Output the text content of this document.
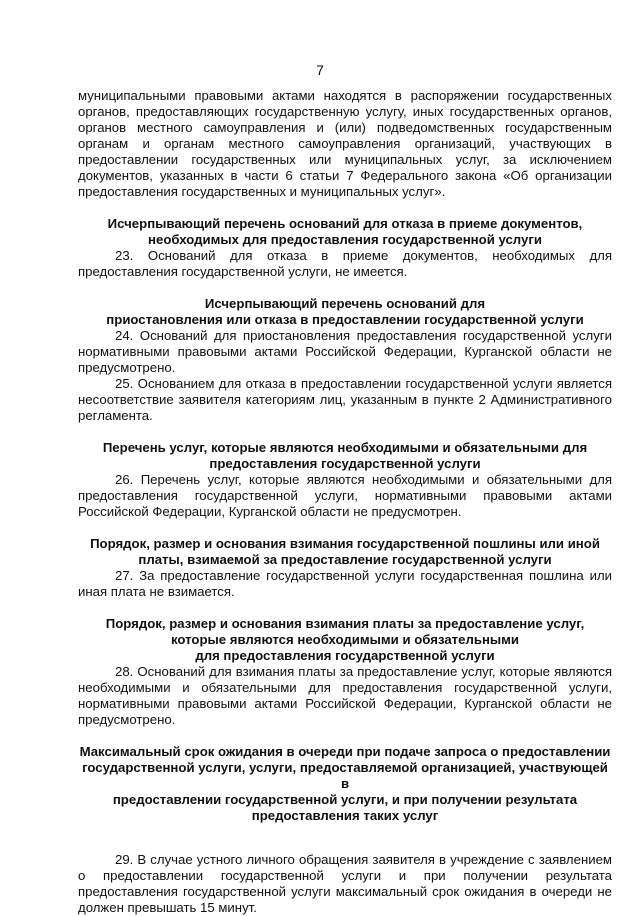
7

муниципальными правовыми актами находятся в распоряжении государственных органов, предоставляющих государственную услугу, иных государственных органов, органов местного самоуправления и (или) подведомственных государственным органам и органам местного самоуправления организаций, участвующих в предоставлении государственных или муниципальных услуг, за исключением документов, указанных в части 6 статьи 7 Федерального закона «Об организации предоставления государственных и муниципальных услуг».

Исчерпывающий перечень оснований для отказа в приеме документов,
необходимых для предоставления государственной услуги

23. Оснований для отказа в приеме документов, необходимых для предоставления государственной услуги, не имеется.

Исчерпывающий перечень оснований для
приостановления или отказа в предоставлении государственной услуги

24. Оснований для приостановления предоставления государственной услуги нормативными правовыми актами Российской Федерации, Курганской области не предусмотрено.

25. Основанием для отказа в предоставлении государственной услуги является несоответствие заявителя категориям лиц, указанным в пункте 2 Административного регламента.

Перечень услуг, которые являются необходимыми и обязательными для
предоставления государственной услуги

26. Перечень услуг, которые являются необходимыми и обязательными для предоставления государственной услуги, нормативными правовыми актами Российской Федерации, Курганской области не предусмотрен.

Порядок, размер и основания взимания государственной пошлины или иной
платы, взимаемой за предоставление государственной услуги

27. За предоставление государственной услуги государственная пошлина или иная плата не взимается.

Порядок, размер и основания взимания платы за предоставление услуг,
которые являются необходимыми и обязательными
для предоставления государственной услуги

28. Оснований для взимания платы за предоставление услуг, которые являются необходимыми и обязательными для предоставления государственной услуги, нормативными правовыми актами Российской Федерации, Курганской области не предусмотрено.

Максимальный срок ожидания в очереди при подаче запроса о предоставлении
государственной услуги, услуги, предоставляемой организацией, участвующей в
предоставлении государственной услуги, и при получении результата
предоставления таких услуг

29. В случае устного личного обращения заявителя в учреждение с заявлением о предоставлении государственной услуги и при получении результата предоставления государственной услуги максимальный срок ожидания в очереди не должен превышать 15 минут.
